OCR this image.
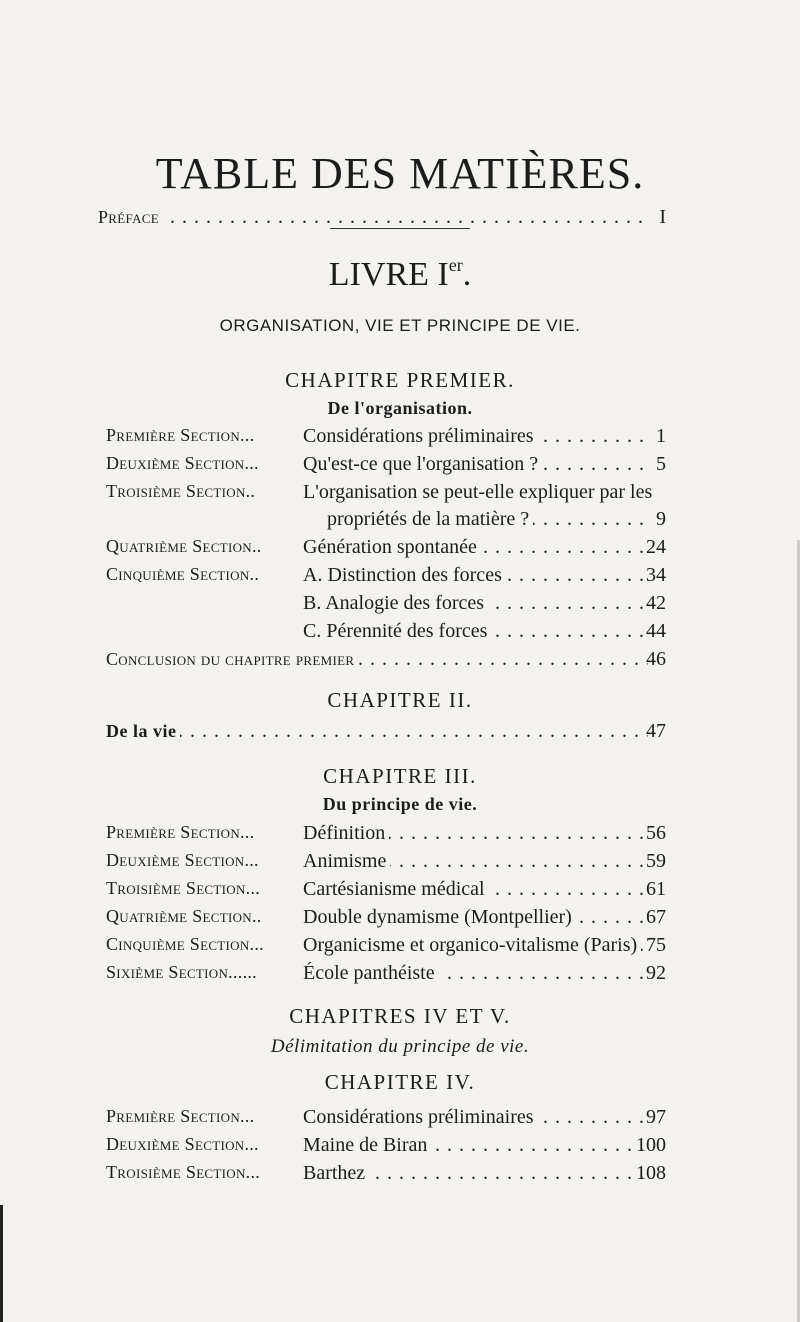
TABLE DES MATIÈRES.
Préface . . .	I
LIVRE Ier.
ORGANISATION, VIE ET PRINCIPE DE VIE.
CHAPITRE PREMIER.
De l'organisation.
Première Section... Considérations préliminaires . . .	1
Deuxième Section... Qu'est-ce que l'organisation ? . . .	5
Troisième Section.. L'organisation se peut-elle expliquer par les
propriétés de la matière ? . . .	9
Quatrième Section.. Génération spontanée . . .	24
Cinquième Section.. A. Distinction des forces . . .	34
B. Analogie des forces . . .	42
C. Pérennité des forces . . .	44
Conclusion du chapitre premier . . .	46
CHAPITRE II.
De la vie . . .	47
CHAPITRE III.
Du principe de vie.
Première Section... Définition . . .	56
Deuxième Section... Animisme . . .	59
Troisième Section... Cartésianisme médical . . .	61
Quatrième Section.. Double dynamisme (Montpellier) . . .	67
Cinquième Section... Organicisme et organico-vitalisme (Paris) . . . 75
Sixième Section...... École panthéiste . . .	92
CHAPITRES IV ET V.
Délimitation du principe de vie.
CHAPITRE IV.
Première Section... Considérations préliminaires . . .	97
Deuxième Section... Maine de Biran . . .	100
Troisième Section... Barthez . . .	108
